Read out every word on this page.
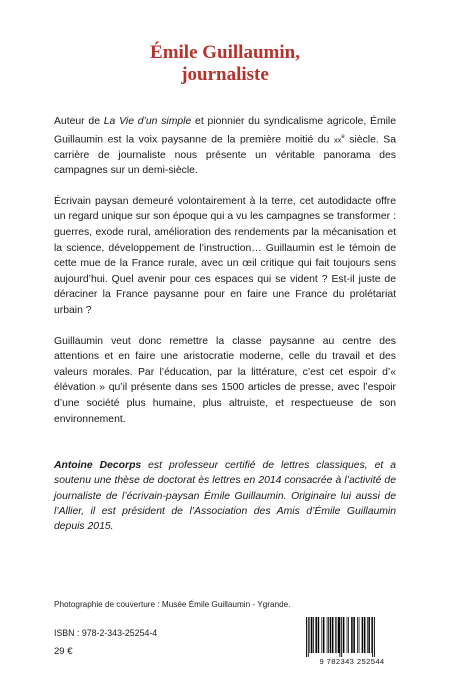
Émile Guillaumin,
journaliste

Auteur de La Vie d’un simple et pionnier du syndicalisme agricole, Émile Guillaumin est la voix paysanne de la première moitié du $xx^e$ siècle. Sa carrière de journaliste nous présente un véritable panorama des campagnes sur un demi-siècle.

Écrivain paysan demeuré volontairement à la terre, cet autodidacte offre un regard unique sur son époque qui a vu les campagnes se transformer : guerres, exode rural, amélioration des rendements par la mécanisation et la science, développement de l’instruction… Guillaumin est le témoin de cette mue de la France rurale, avec un œil critique qui fait toujours sens aujourd’hui. Quel avenir pour ces espaces qui se vident ? Est-il juste de déraciner la France paysanne pour en faire une France du prolétariat urbain ?

Guillaumin veut donc remettre la classe paysanne au centre des attentions et en faire une aristocratie moderne, celle du travail et des valeurs morales. Par l’éducation, par la littérature, c’est cet espoir d’« élévation » qu’il présente dans ses 1500 articles de presse, avec l’espoir d’une société plus humaine, plus altruiste, et respectueuse de son environnement.

Antoine Decorps est professeur certifié de lettres classiques, et a soutenu une thèse de doctorat ès lettres en 2014 consacrée à l’activité de journaliste de l’écrivain-paysan Émile Guillaumin. Originaire lui aussi de l’Allier, il est président de l’Association des Amis d’Émile Guillaumin depuis 2015.
Photographie de couverture : Musée Émile Guillaumin - Ygrande.
ISBN : 978-2-343-25254-4
29 €
9 782343 252544
